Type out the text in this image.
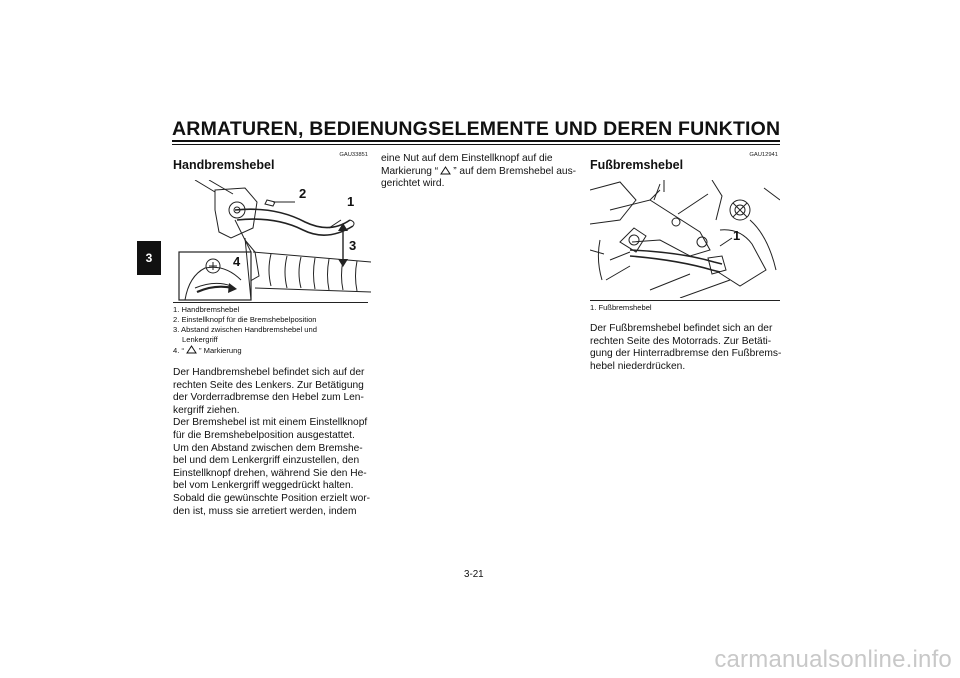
ARMATUREN, BEDIENUNGSELEMENTE UND DEREN FUNKTION
3
GAU33851
Handbremshebel
2
1
3
4
1. Handbremshebel
2. Einstellknopf für die Bremshebelposition
3. Abstand zwischen Handbremshebel und
Lenkergriff
4. “ ” Markierung
Der Handbremshebel befindet sich auf der
rechten Seite des Lenkers. Zur Betätigung
der Vorderradbremse den Hebel zum Len-
kergriff ziehen.
Der Bremshebel ist mit einem Einstellknopf
für die Bremshebelposition ausgestattet.
Um den Abstand zwischen dem Bremshe-
bel und dem Lenkergriff einzustellen, den
Einstellknopf drehen, während Sie den He-
bel vom Lenkergriff weggedrückt halten.
Sobald die gewünschte Position erzielt wor-
den ist, muss sie arretiert werden, indem
eine Nut auf dem Einstellknopf auf die
Markierung “ ” auf dem Bremshebel aus-
gerichtet wird.
GAU12941
Fußbremshebel
1
1. Fußbremshebel
Der Fußbremshebel befindet sich an der
rechten Seite des Motorrads. Zur Betäti-
gung der Hinterradbremse den Fußbrems-
hebel niederdrücken.
3-21
carmanualsonline.info
